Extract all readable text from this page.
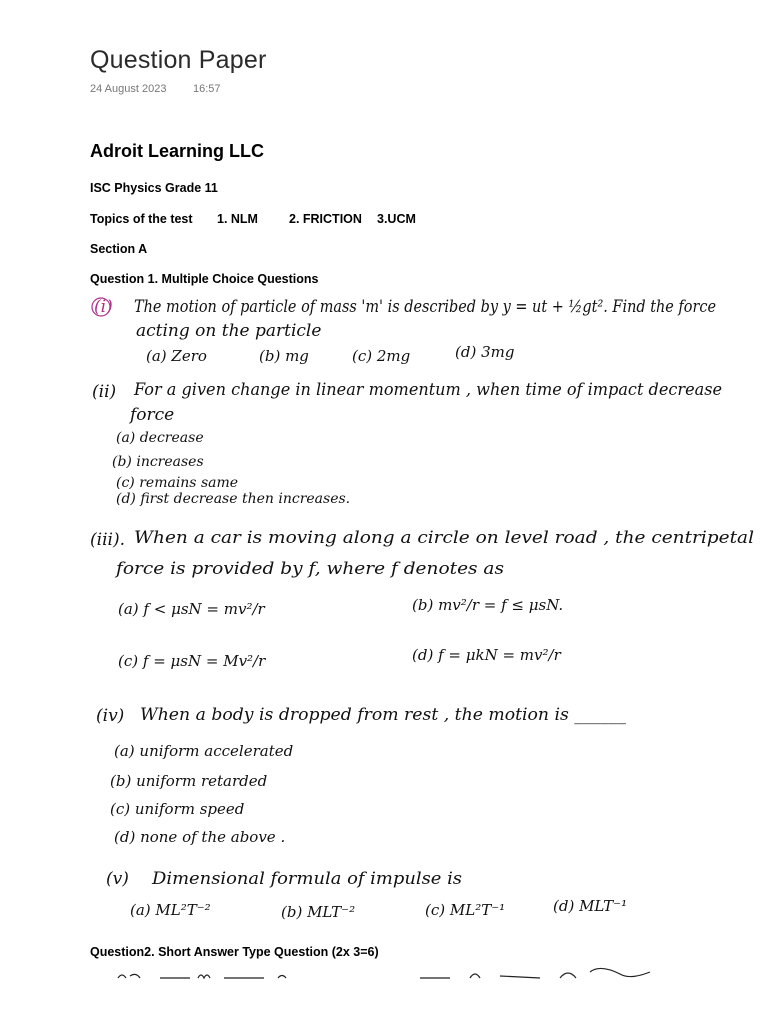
Question Paper
24 August 2023 16:57
Adroit Learning LLC
ISC Physics Grade 11
Topics of the test 1. NLM 2. FRICTION 3.UCM
Section A
Question 1. Multiple Choice Questions
(i) The motion of particle of mass 'm' is described by y = ut + ½gt². Find the force
acting on the particle
(a) Zero	(b) mg	(c) 2mg	(d) 3mg
(ii) For a given change in linear momentum , when time of impact decrease
force
(a) decrease
(b) increases
(c) remains same
(d) first decrease then increases.
(iii). When a car is moving along a circle on level road , the centripetal
force is provided by f, where f denotes as
(a) f < μsN = mv²/r	(b) mv²/r = f ≤ μsN.
(c) f = μsN = Mv²/r	(d) f = μkN = mv²/r
(iv) When a body is dropped from rest , the motion is ______
(a) uniform accelerated
(b) uniform retarded
(c) uniform speed
(d) none of the above .
(v) Dimensional formula of impulse is
(a) ML²T⁻²	(b) MLT⁻²	(c) ML²T⁻¹	(d) MLT⁻¹
Question2. Short Answer Type Question (2x 3=6)
